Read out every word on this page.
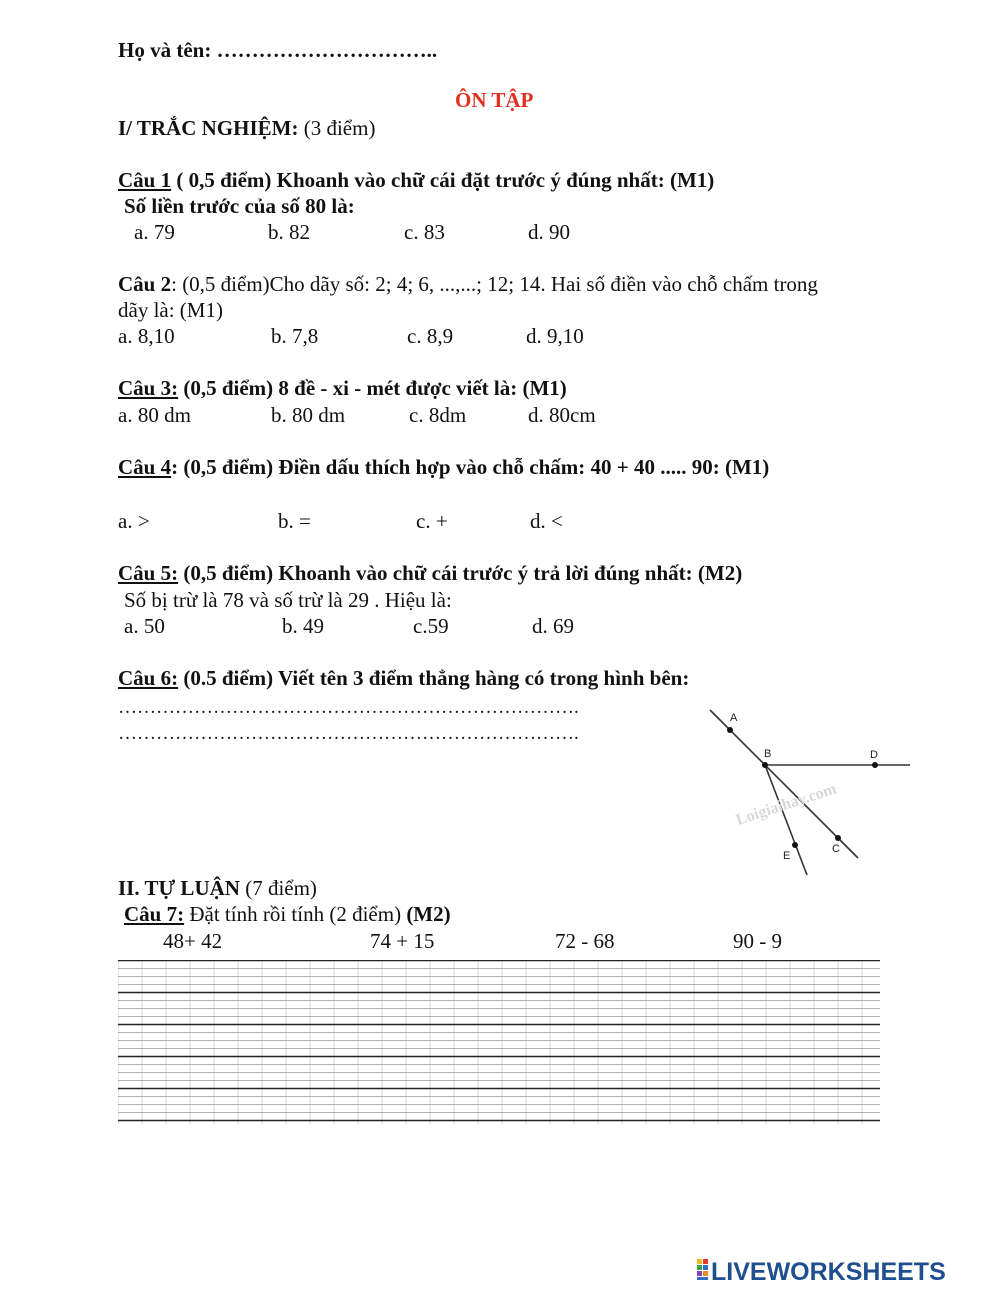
Họ và tên: …………………………..
ÔN TẬP
I/ TRẮC NGHIỆM: (3 điểm)
Câu 1 ( 0,5 điểm) Khoanh vào chữ cái đặt trước ý đúng nhất: (M1)
Số liền trước của số 80 là:
a. 79	b. 82	c. 83	d. 90
Câu 2: (0,5 điểm)Cho dãy số: 2; 4; 6, ...,...; 12; 14. Hai số điền vào chỗ chấm trong
dãy là: (M1)
a. 8,10	b. 7,8	c. 8,9	d. 9,10
Câu 3: (0,5 điểm) 8 đề - xi - mét được viết là: (M1)
a. 80 dm	b. 80 dm	c. 8dm	d. 80cm
Câu 4: (0,5 điểm) Điền dấu thích hợp vào chỗ chấm: 40 + 40 ..... 90: (M1)
a. >	b. =	c. +	d. <
Câu 5: (0,5 điểm) Khoanh vào chữ cái trước ý trả lời đúng nhất: (M2)
Số bị trừ là 78 và số trừ là 29 . Hiệu là:
a. 50	b. 49	c.59	d. 69
Câu 6: (0.5 điểm) Viết tên 3 điểm thẳng hàng có trong hình bên:
……………………………………………………………….
……………………………………………………………….
A
B	D
E
C
Loigiaihay.com
II. TỰ LUẬN (7 điểm)
Câu 7: Đặt tính rồi tính (2 điểm) (M2)
48+ 42	74 + 15	72 - 68	90 - 9
LIVEWORKSHEETS
